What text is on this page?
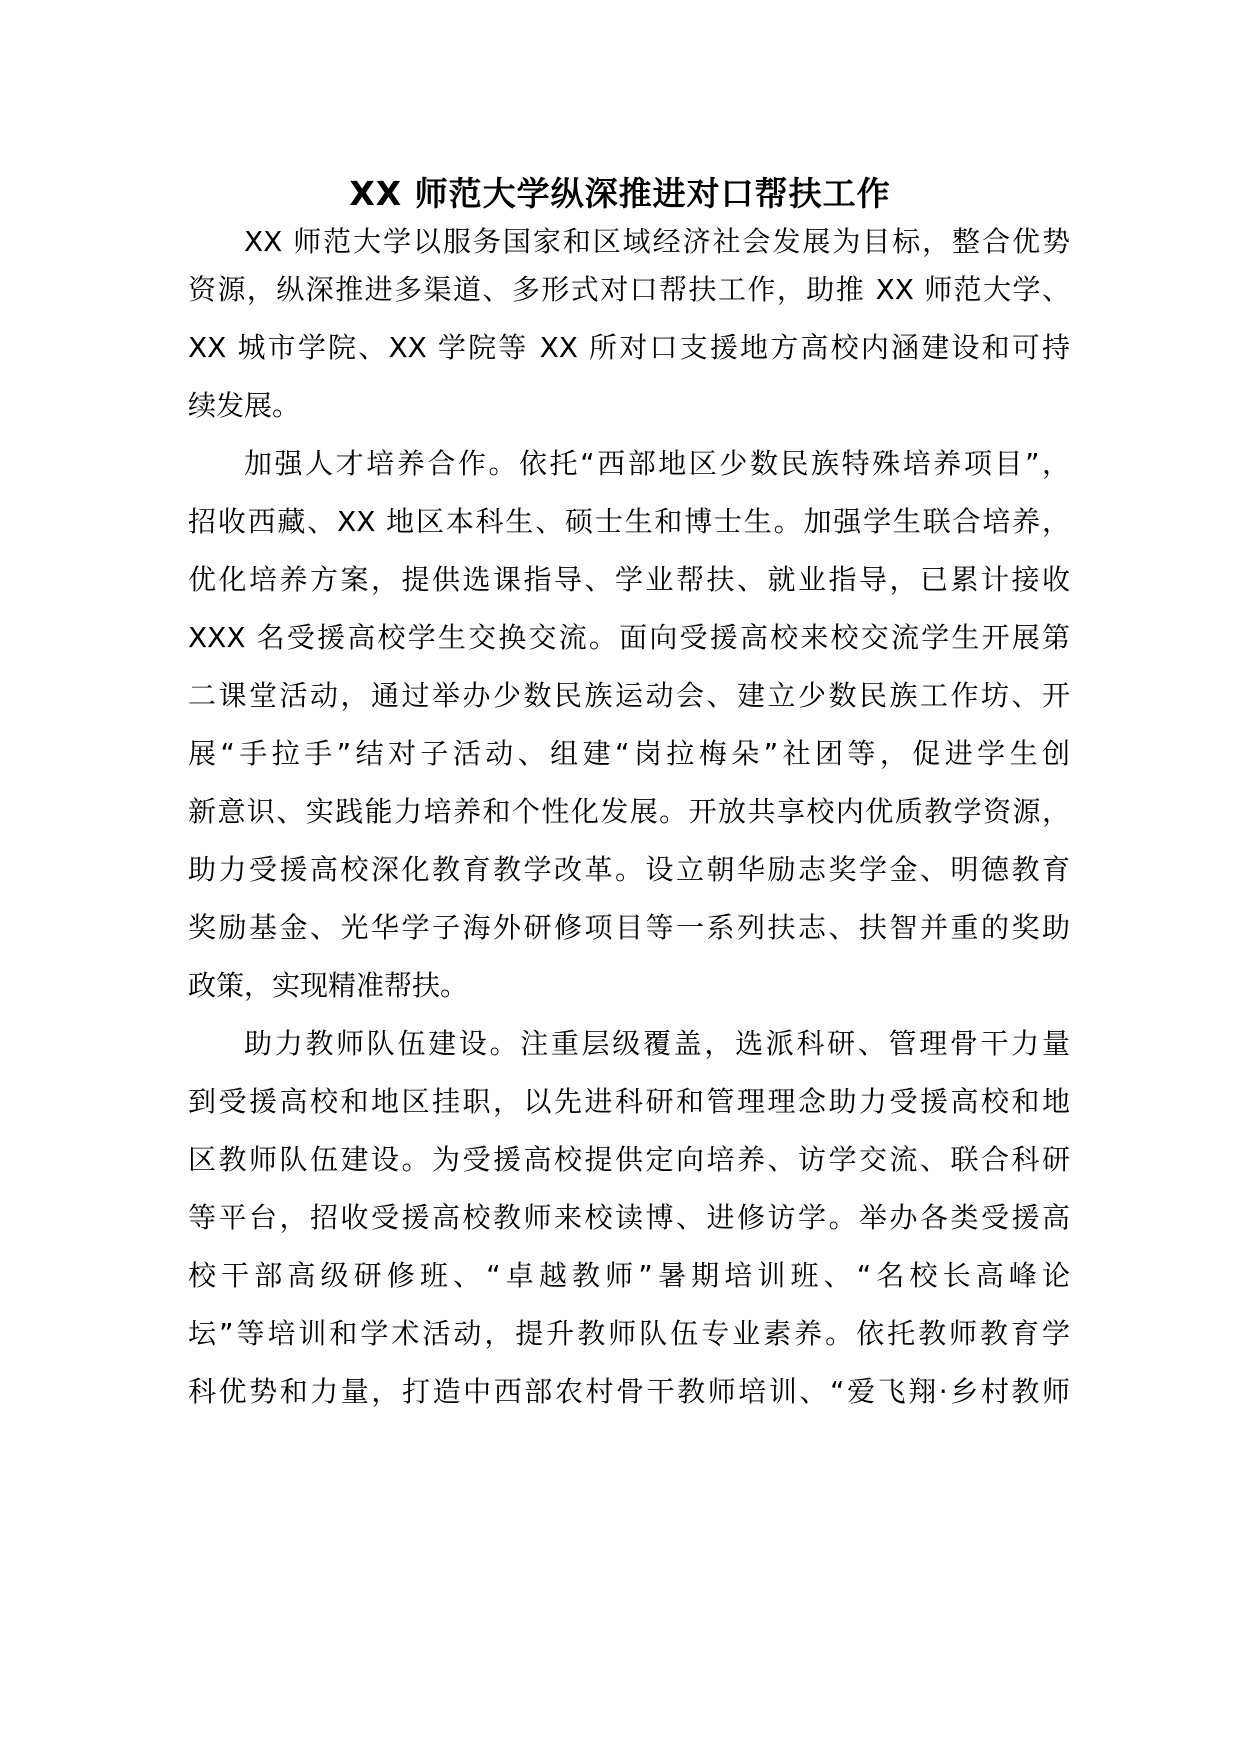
XX 师范大学纵深推进对口帮扶工作
XX 师范大学以服务国家和区域经济社会发展为目标，整合优势
资源，纵深推进多渠道、多形式对口帮扶工作，助推 XX 师范大学、
XX 城市学院、XX 学院等 XX 所对口支援地方高校内涵建设和可持
续发展。
加强人才培养合作。依托“西部地区少数民族特殊培养项目”，
招收西藏、XX 地区本科生、硕士生和博士生。加强学生联合培养，
优化培养方案，提供选课指导、学业帮扶、就业指导，已累计接收
XXX 名受援高校学生交换交流。面向受援高校来校交流学生开展第
二课堂活动，通过举办少数民族运动会、建立少数民族工作坊、开
展“手拉手”结对子活动、组建“岗拉梅朵”社团等，促进学生创
新意识、实践能力培养和个性化发展。开放共享校内优质教学资源，
助力受援高校深化教育教学改革。设立朝华励志奖学金、明德教育
奖励基金、光华学子海外研修项目等一系列扶志、扶智并重的奖助
政策，实现精准帮扶。
助力教师队伍建设。注重层级覆盖，选派科研、管理骨干力量
到受援高校和地区挂职，以先进科研和管理理念助力受援高校和地
区教师队伍建设。为受援高校提供定向培养、访学交流、联合科研
等平台，招收受援高校教师来校读博、进修访学。举办各类受援高
校干部高级研修班、“卓越教师”暑期培训班、“名校长高峰论
坛”等培训和学术活动，提升教师队伍专业素养。依托教师教育学
科优势和力量，打造中西部农村骨干教师培训、“爱飞翔·乡村教师
